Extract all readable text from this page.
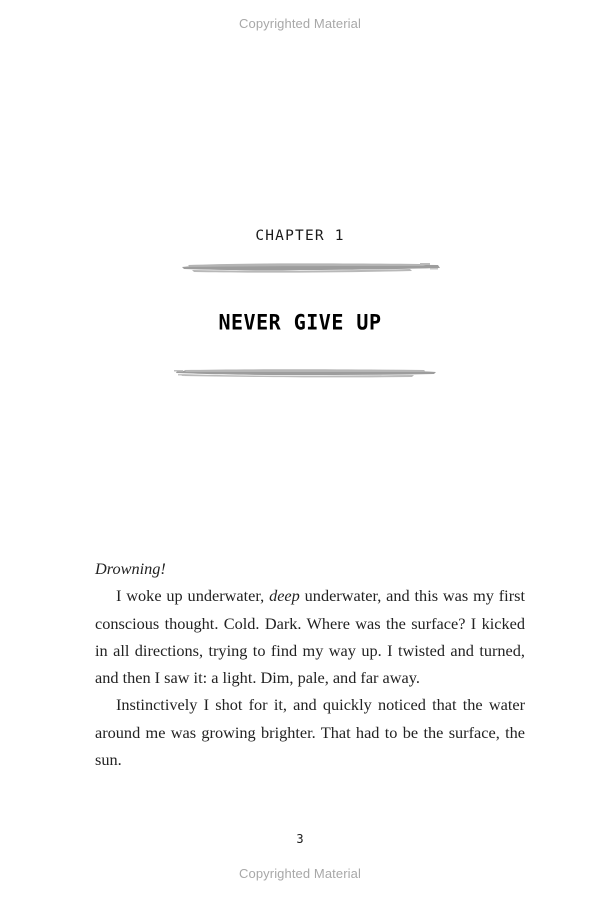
Copyrighted Material
CHAPTER 1
NEVER GIVE UP

Drowning!

I woke up underwater, deep underwater, and this was my first conscious thought. Cold. Dark. Where was the surface? I kicked in all directions, trying to find my way up. I twisted and turned, and then I saw it: a light. Dim, pale, and far away.

Instinctively I shot for it, and quickly noticed that the water around me was growing brighter. That had to be the surface, the sun.

3
Copyrighted Material
